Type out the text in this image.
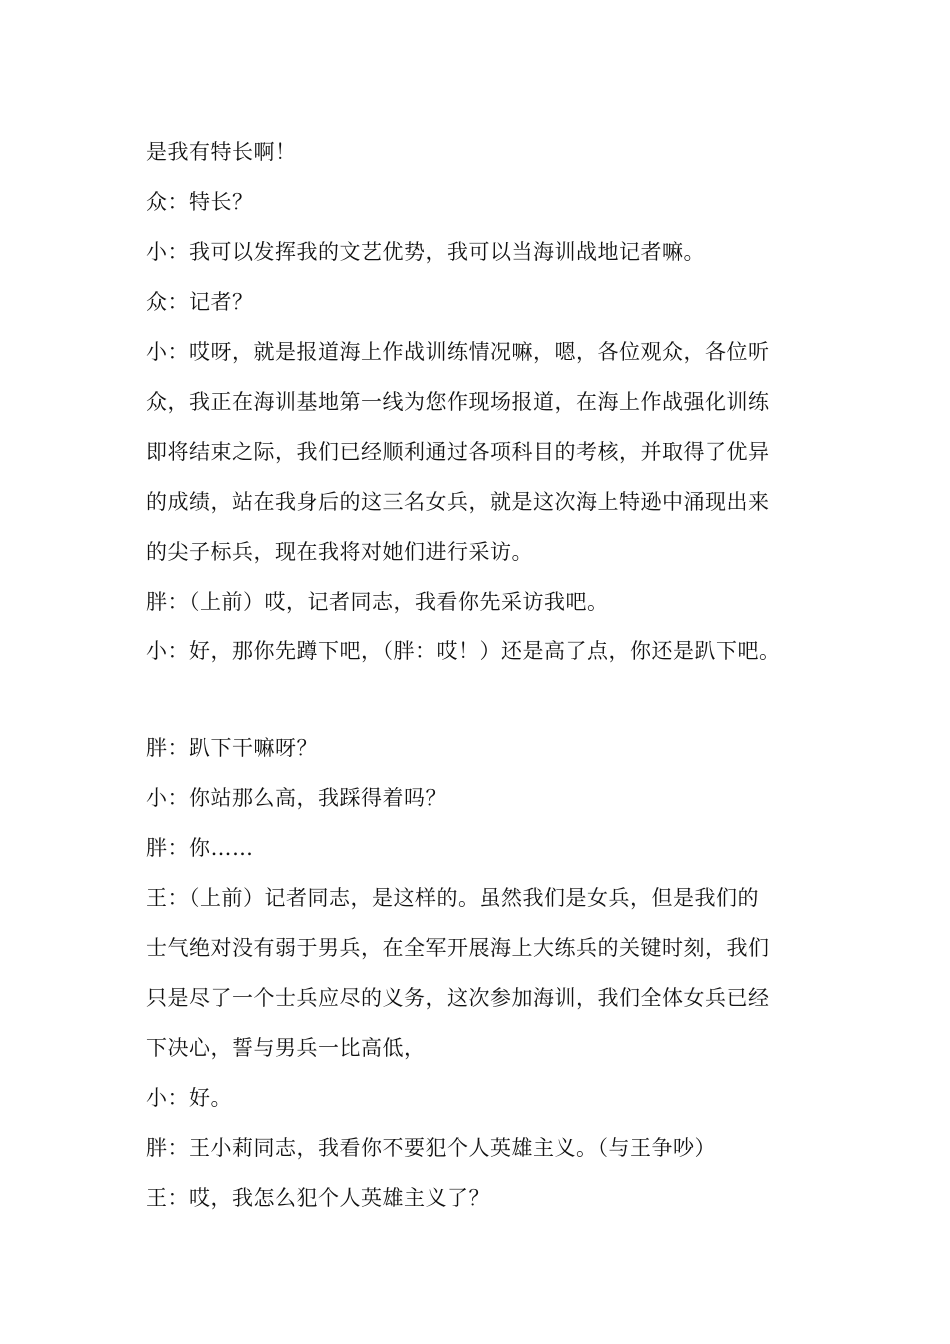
是我有特长啊！
众：特长？
小：我可以发挥我的文艺优势，我可以当海训战地记者嘛。
众：记者？
小：哎呀，就是报道海上作战训练情况嘛，嗯，各位观众，各位听
众，我正在海训基地第一线为您作现场报道，在海上作战强化训练
即将结束之际，我们已经顺利通过各项科目的考核，并取得了优异
的成绩，站在我身后的这三名女兵，就是这次海上特逊中涌现出来
的尖子标兵，现在我将对她们进行采访。
胖：（上前）哎，记者同志，我看你先采访我吧。
小：好，那你先蹲下吧，（胖：哎！）还是高了点，你还是趴下吧。
胖：趴下干嘛呀？
小：你站那么高，我踩得着吗？
胖：你……
王：（上前）记者同志，是这样的。虽然我们是女兵，但是我们的
士气绝对没有弱于男兵，在全军开展海上大练兵的关键时刻，我们
只是尽了一个士兵应尽的义务，这次参加海训，我们全体女兵已经
下决心，誓与男兵一比高低，
小：好。
胖：王小莉同志，我看你不要犯个人英雄主义。（与王争吵）
王：哎，我怎么犯个人英雄主义了？
